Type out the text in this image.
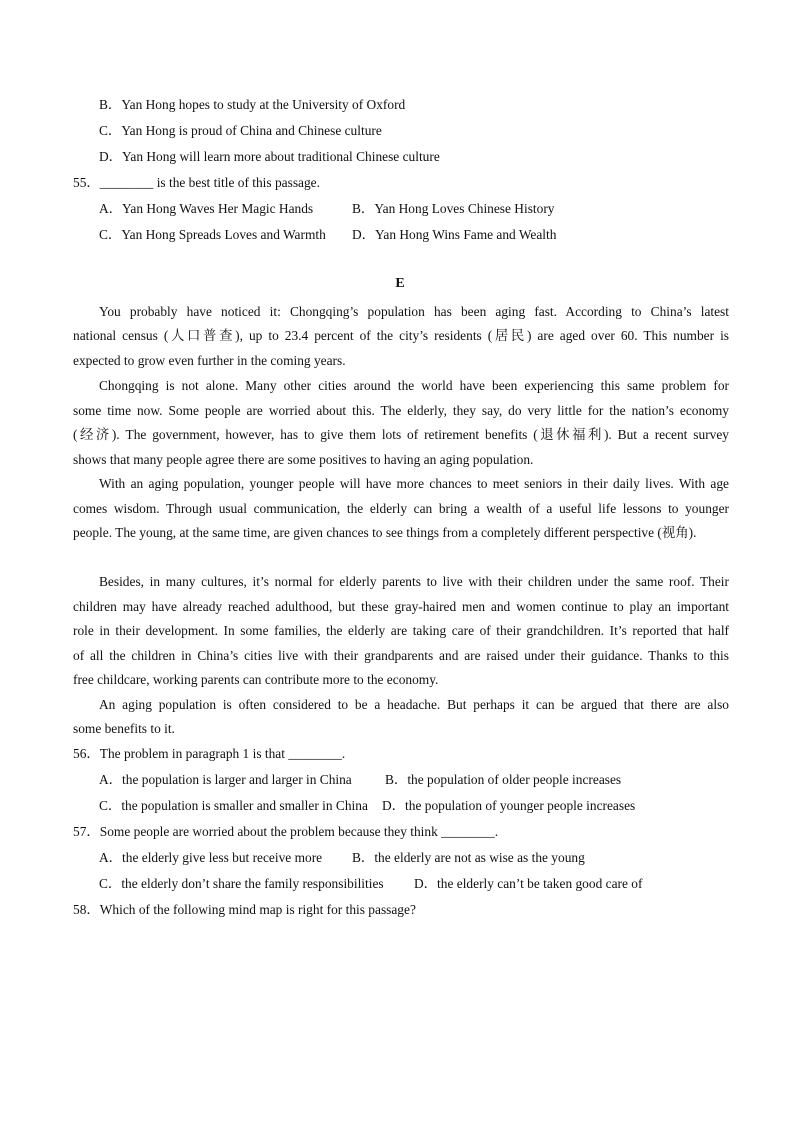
B．Yan Hong hopes to study at the University of Oxford
C．Yan Hong is proud of China and Chinese culture
D．Yan Hong will learn more about traditional Chinese culture
55．________ is the best title of this passage.
A．Yan Hong Waves Her Magic Hands	B．Yan Hong Loves Chinese History
C．Yan Hong Spreads Loves and Warmth D．Yan Hong Wins Fame and Wealth
E
You probably have noticed it: Chongqing’s population has been aging fast. According to China’s latest
national census (人口普查), up to 23.4 percent of the city’s residents (居民) are aged over 60. This number is
expected to grow even further in the coming years.
Chongqing is not alone. Many other cities around the world have been experiencing this same problem for
some time now. Some people are worried about this. The elderly, they say, do very little for the nation’s economy
(经济). The government, however, has to give them lots of retirement benefits (退休福利). But a recent survey
shows that many people agree there are some positives to having an aging population.
With an aging population, younger people will have more chances to meet seniors in their daily lives. With age
comes wisdom. Through usual communication, the elderly can bring a wealth of a useful life lessons to younger
people. The young, at the same time, are given chances to see things from a completely different perspective (视角).
Besides, in many cultures, it’s normal for elderly parents to live with their children under the same roof. Their
children may have already reached adulthood, but these gray-haired men and women continue to play an important
role in their development. In some families, the elderly are taking care of their grandchildren. It’s reported that half
of all the children in China’s cities live with their grandparents and are raised under their guidance. Thanks to this
free childcare, working parents can contribute more to the economy.
An aging population is often considered to be a headache. But perhaps it can be argued that there are also
some benefits to it.
56．The problem in paragraph 1 is that ________.
A．the population is larger and larger in China B．the population of older people increases
C．the population is smaller and smaller in China D．the population of younger people increases
57．Some people are worried about the problem because they think ________.
A．the elderly give less but receive more B．the elderly are not as wise as the young
C．the elderly don’t share the family responsibilities D．the elderly can’t be taken good care of
58．Which of the following mind map is right for this passage?
